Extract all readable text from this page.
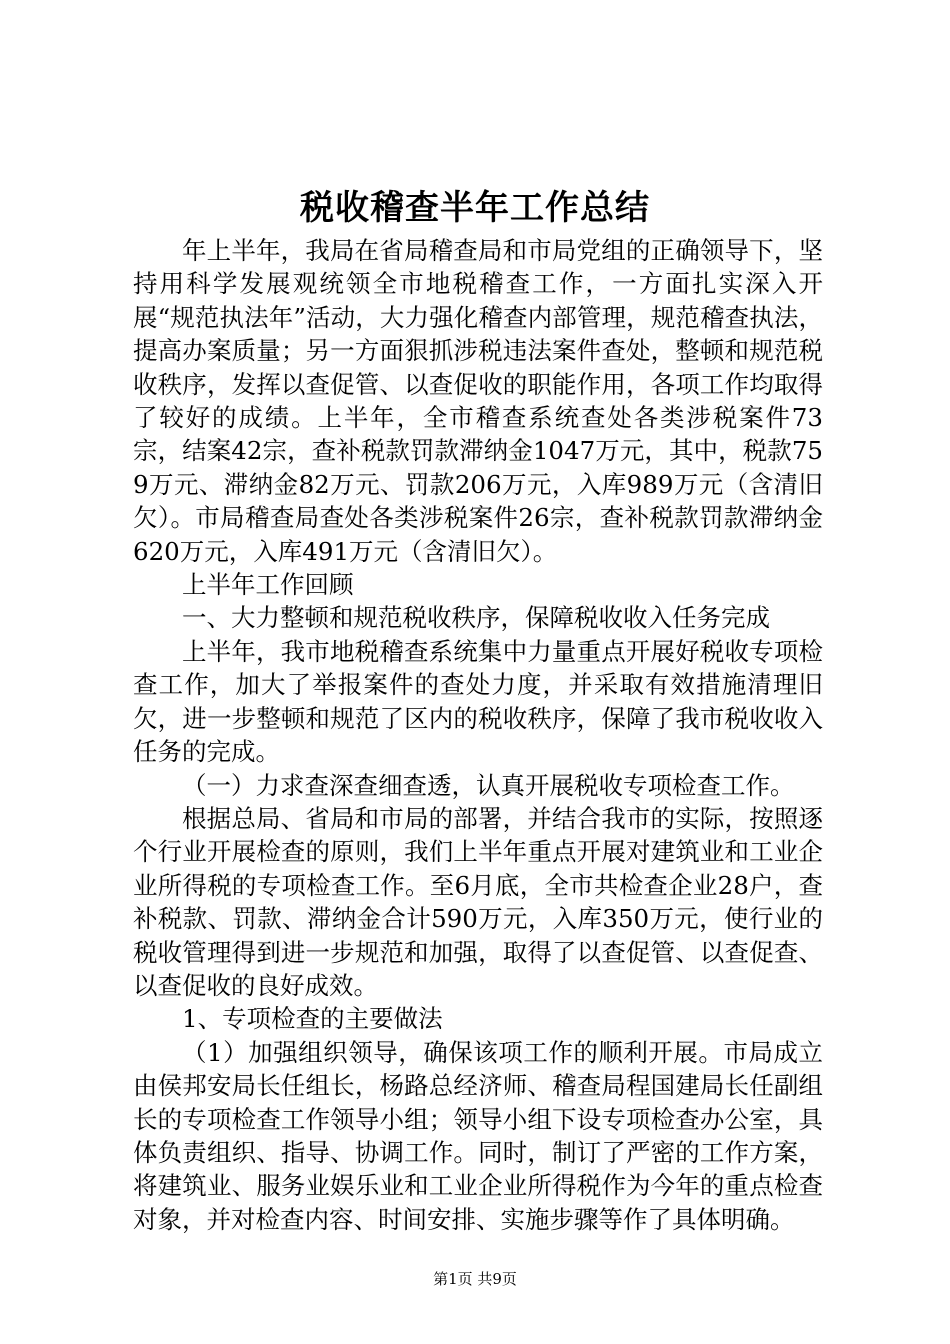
税收稽查半年工作总结

年上半年，我局在省局稽查局和市局党组的正确领导下，坚持用科学发展观统领全市地税稽查工作，一方面扎实深入开展“规范执法年”活动，大力强化稽查内部管理，规范稽查执法，提高办案质量；另一方面狠抓涉税违法案件查处，整顿和规范税收秩序，发挥以查促管、以查促收的职能作用，各项工作均取得了较好的成绩。上半年，全市稽查系统查处各类涉税案件73宗，结案42宗，查补税款罚款滞纳金1047万元，其中，税款759万元、滞纳金82万元、罚款206万元，入库989万元（含清旧欠）。市局稽查局查处各类涉税案件26宗，查补税款罚款滞纳金620万元，入库491万元（含清旧欠）。

上半年工作回顾

一、大力整顿和规范税收秩序，保障税收收入任务完成

上半年，我市地税稽查系统集中力量重点开展好税收专项检查工作，加大了举报案件的查处力度，并采取有效措施清理旧欠，进一步整顿和规范了区内的税收秩序，保障了我市税收收入任务的完成。

（一）力求查深查细查透，认真开展税收专项检查工作。

根据总局、省局和市局的部署，并结合我市的实际，按照逐个行业开展检查的原则，我们上半年重点开展对建筑业和工业企业所得税的专项检查工作。至6月底，全市共检查企业28户，查补税款、罚款、滞纳金合计590万元，入库350万元，使行业的税收管理得到进一步规范和加强，取得了以查促管、以查促查、以查促收的良好成效。

1、专项检查的主要做法

（1）加强组织领导，确保该项工作的顺利开展。市局成立由侯邦安局长任组长，杨路总经济师、稽查局程国建局长任副组长的专项检查工作领导小组；领导小组下设专项检查办公室，具体负责组织、指导、协调工作。同时，制订了严密的工作方案，将建筑业、服务业娱乐业和工业企业所得税作为今年的重点检查对象，并对检查内容、时间安排、实施步骤等作了具体明确。

第1页 共9页
